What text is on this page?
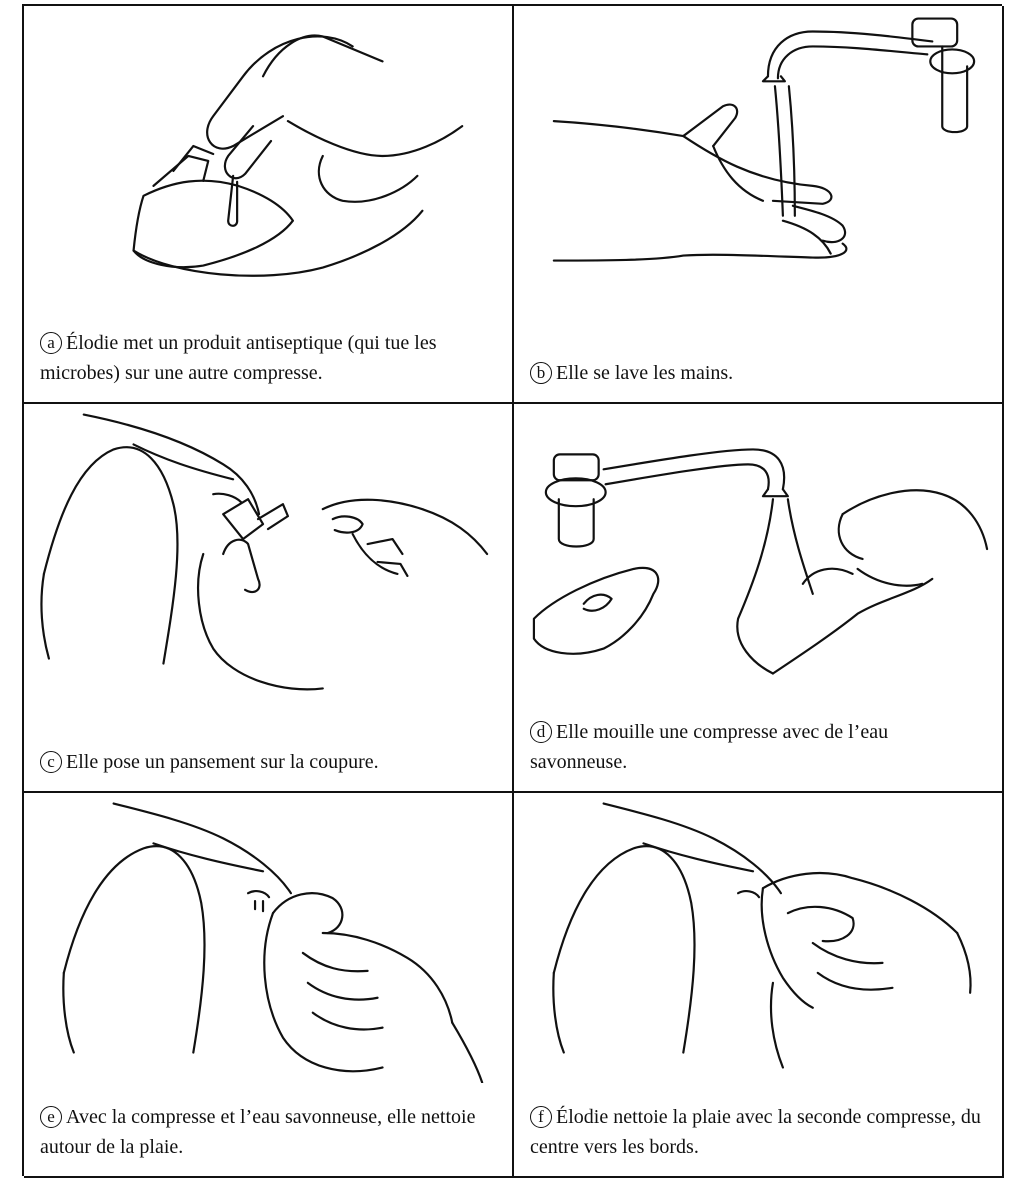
a Élodie met un produit antiseptique (qui tue les microbes) sur une autre compresse.	b Elle se lave les mains.
c Elle pose un pansement sur la coupure.
d Elle mouille une compresse avec de l’eau savonneuse.
e Avec la compresse et l’eau savonneuse, elle nettoie autour de la plaie.
f Élodie nettoie la plaie avec la seconde compresse, du centre vers les bords.
